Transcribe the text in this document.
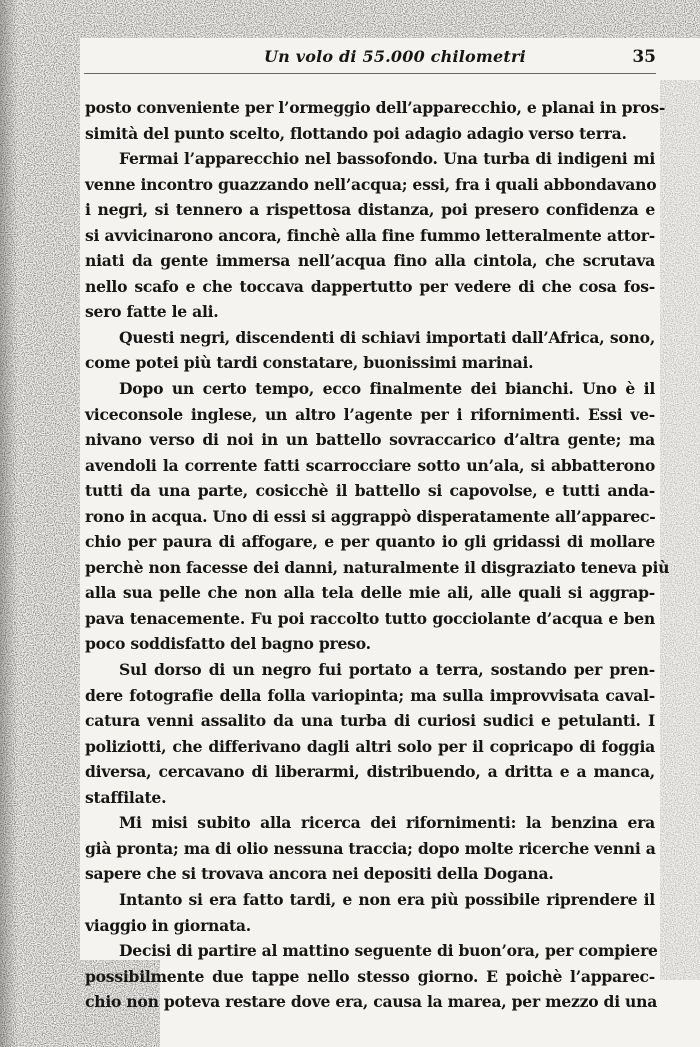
Un volo di 55.000 chilometri	35
posto conveniente per l’ormeggio dell’apparecchio, e planai in pros-
simità del punto scelto, flottando poi adagio adagio verso terra.
Fermai l’apparecchio nel bassofondo. Una turba di indigeni mi
venne incontro guazzando nell’acqua; essi, fra i quali abbondavano
i negri, si tennero a rispettosa distanza, poi presero confidenza e
si avvicinarono ancora, finchè alla fine fummo letteralmente attor-
niati da gente immersa nell’acqua fino alla cintola, che scrutava
nello scafo e che toccava dappertutto per vedere di che cosa fos-
sero fatte le ali.
Questi negri, discendenti di schiavi importati dall’Africa, sono,
come potei più tardi constatare, buonissimi marinai.
Dopo un certo tempo, ecco finalmente dei bianchi. Uno è il
viceconsole inglese, un altro l’agente per i rifornimenti. Essi ve-
nivano verso di noi in un battello sovraccarico d’altra gente; ma
avendoli la corrente fatti scarrocciare sotto un’ala, si abbatterono
tutti da una parte, cosicchè il battello si capovolse, e tutti anda-
rono in acqua. Uno di essi si aggrappò disperatamente all’apparec-
chio per paura di affogare, e per quanto io gli gridassi di mollare
perchè non facesse dei danni, naturalmente il disgraziato teneva più
alla sua pelle che non alla tela delle mie ali, alle quali si aggrap-
pava tenacemente. Fu poi raccolto tutto gocciolante d’acqua e ben
poco soddisfatto del bagno preso.
Sul dorso di un negro fui portato a terra, sostando per pren-
dere fotografie della folla variopinta; ma sulla improvvisata caval-
catura venni assalito da una turba di curiosi sudici e petulanti. I
poliziotti, che differivano dagli altri solo per il copricapo di foggia
diversa, cercavano di liberarmi, distribuendo, a dritta e a manca,
staffilate.
Mi misi subito alla ricerca dei rifornimenti: la benzina era
già pronta; ma di olio nessuna traccia; dopo molte ricerche venni a
sapere che si trovava ancora nei depositi della Dogana.
Intanto si era fatto tardi, e non era più possibile riprendere il
viaggio in giornata.
Decisi di partire al mattino seguente di buon’ora, per compiere
possibilmente due tappe nello stesso giorno. E poichè l’apparec-
chio non poteva restare dove era, causa la marea, per mezzo di una
